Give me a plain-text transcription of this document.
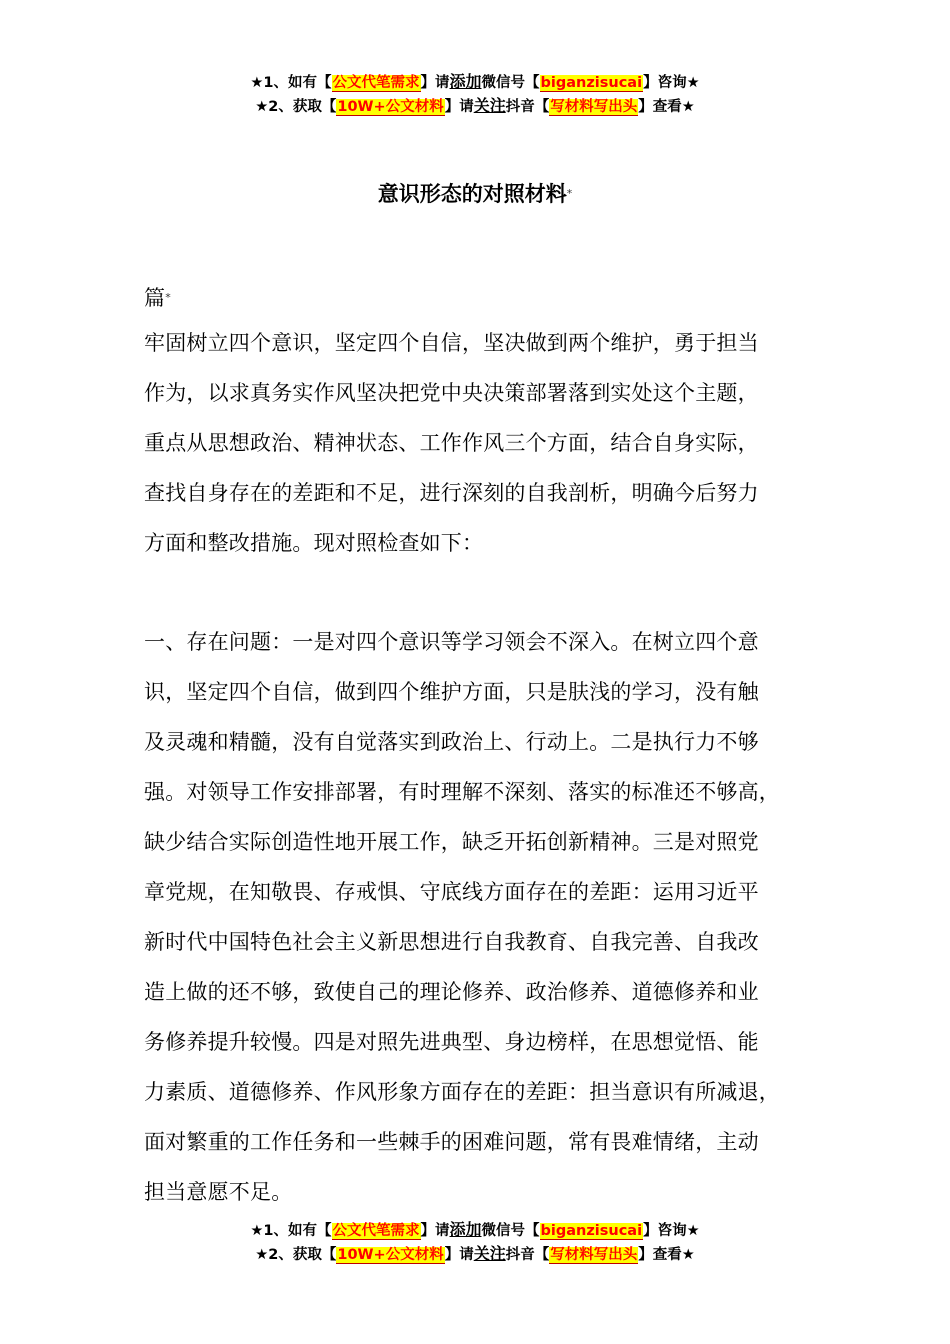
★1、如有【公文代笔需求】请添加微信号【biganzisucai】咨询★
★2、获取【10W+公文材料】请关注抖音【写材料写出头】查看★
意识形态的对照材料*
篇*
牢固树立四个意识，坚定四个自信，坚决做到两个维护，勇于担当
作为，以求真务实作风坚决把党中央决策部署落到实处这个主题，
重点从思想政治、精神状态、工作作风三个方面，结合自身实际，
查找自身存在的差距和不足，进行深刻的自我剖析，明确今后努力
方面和整改措施。现对照检查如下：
一、存在问题：一是对四个意识等学习领会不深入。在树立四个意
识，坚定四个自信，做到四个维护方面，只是肤浅的学习，没有触
及灵魂和精髓，没有自觉落实到政治上、行动上。二是执行力不够
强。对领导工作安排部署，有时理解不深刻、落实的标准还不够高，
缺少结合实际创造性地开展工作，缺乏开拓创新精神。三是对照党
章党规，在知敬畏、存戒惧、守底线方面存在的差距：运用习近平
新时代中国特色社会主义新思想进行自我教育、自我完善、自我改
造上做的还不够，致使自己的理论修养、政治修养、道德修养和业
务修养提升较慢。四是对照先进典型、身边榜样，在思想觉悟、能
力素质、道德修养、作风形象方面存在的差距：担当意识有所减退，
面对繁重的工作任务和一些棘手的困难问题，常有畏难情绪，主动
担当意愿不足。
★1、如有【公文代笔需求】请添加微信号【biganzisucai】咨询★
★2、获取【10W+公文材料】请关注抖音【写材料写出头】查看★
